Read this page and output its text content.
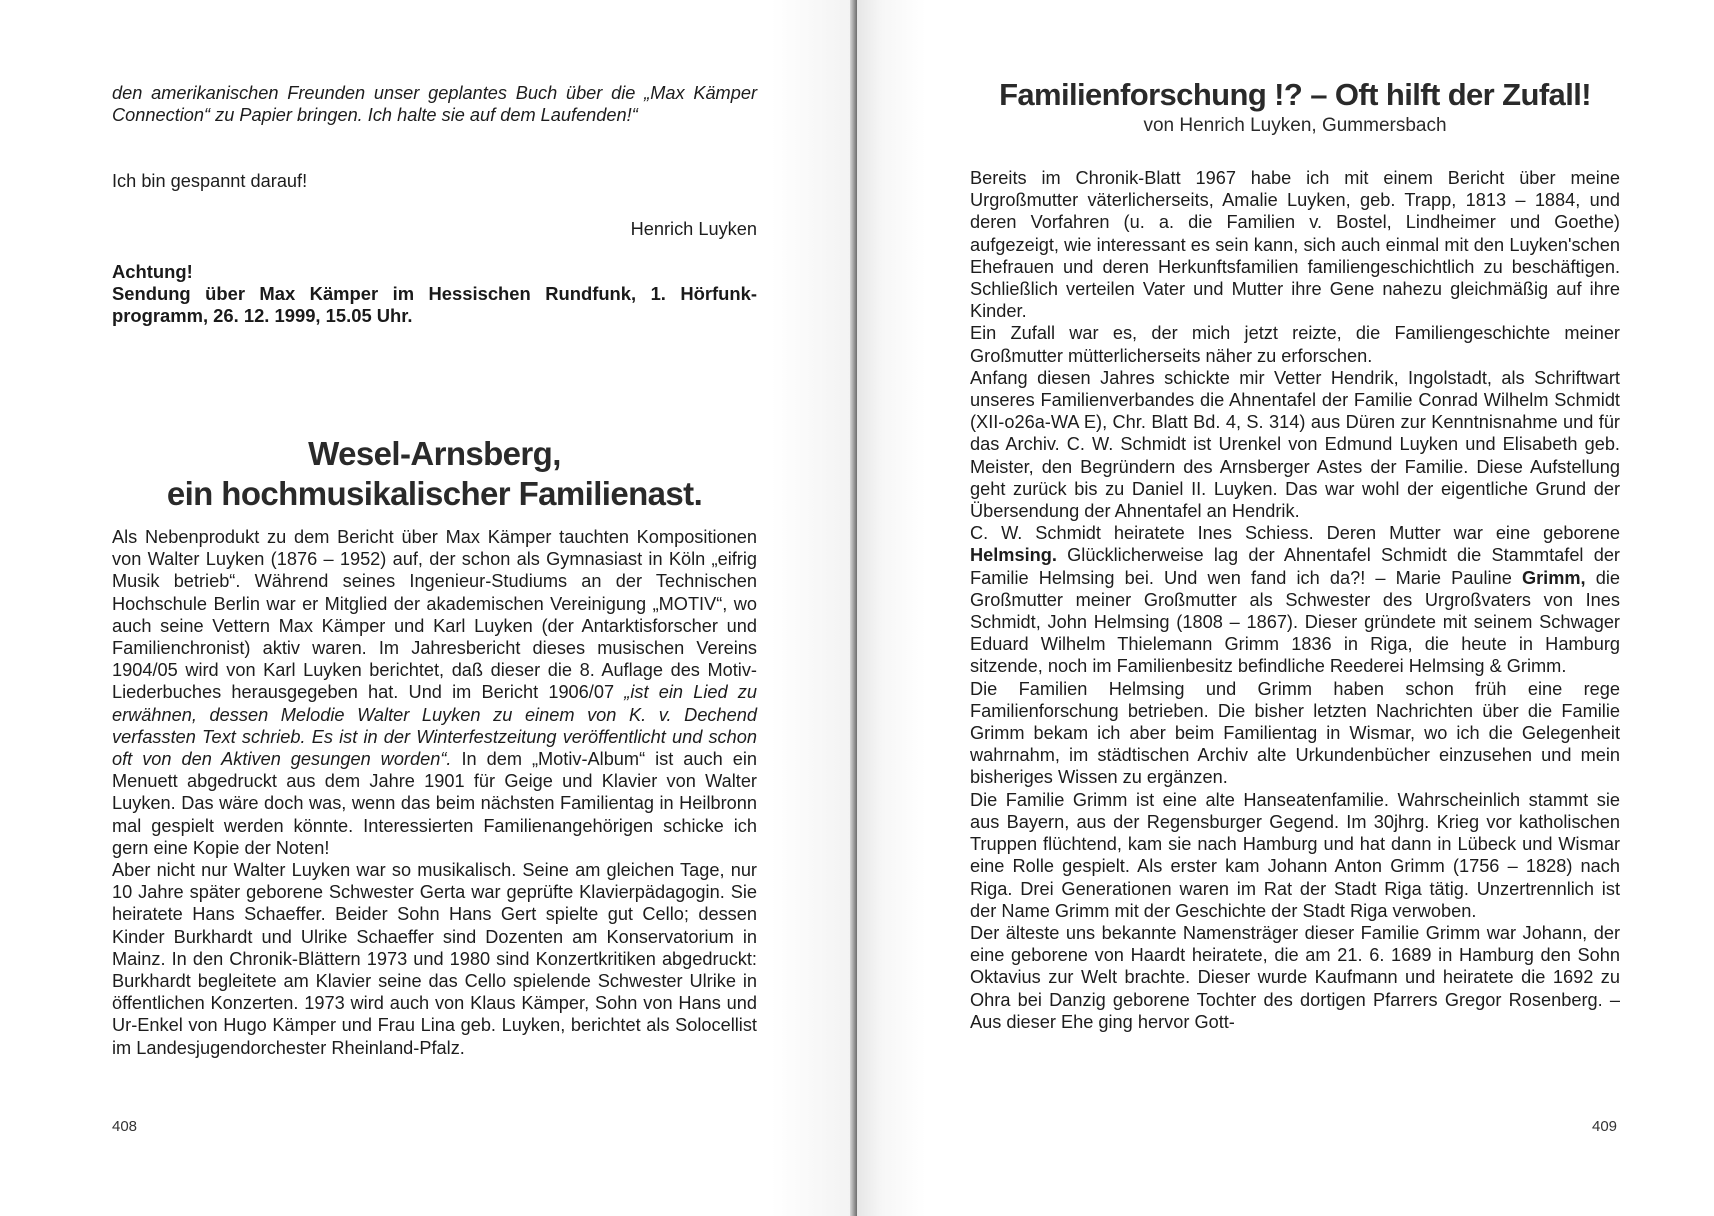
den amerikanischen Freunden unser geplantes Buch über die „Max Kämper Connection“ zu Papier bringen. Ich halte sie auf dem Laufenden!“

Ich bin gespannt darauf!

Henrich Luyken

Achtung!

Sendung über Max Kämper im Hessischen Rundfunk, 1. Hörfunk-programm, 26. 12. 1999, 15.05 Uhr.

Wesel-Arnsberg,
ein hochmusikalischer Familienast.

Als Nebenprodukt zu dem Bericht über Max Kämper tauchten Kompositionen von Walter Luyken (1876 – 1952) auf, der schon als Gymnasiast in Köln „eifrig Musik betrieb“. Während seines Ingenieur-Studiums an der Technischen Hochschule Berlin war er Mitglied der akademischen Vereinigung „MOTIV“, wo auch seine Vettern Max Kämper und Karl Luyken (der Antarktisforscher und Familienchronist) aktiv waren. Im Jahresbericht dieses musischen Vereins 1904/05 wird von Karl Luyken berichtet, daß dieser die 8. Auflage des Motiv-Liederbuches herausgegeben hat. Und im Bericht 1906/07 „ist ein Lied zu erwähnen, dessen Melodie Walter Luyken zu einem von K. v. Dechend verfassten Text schrieb. Es ist in der Winterfestzeitung veröffentlicht und schon oft von den Aktiven gesungen worden“. In dem „Motiv-Album“ ist auch ein Menuett abgedruckt aus dem Jahre 1901 für Geige und Klavier von Walter Luyken. Das wäre doch was, wenn das beim nächsten Familientag in Heilbronn mal gespielt werden könnte. Interessierten Familienangehörigen schicke ich gern eine Kopie der Noten!

Aber nicht nur Walter Luyken war so musikalisch. Seine am gleichen Tage, nur 10 Jahre später geborene Schwester Gerta war geprüfte Klavierpädagogin. Sie heiratete Hans Schaeffer. Beider Sohn Hans Gert spielte gut Cello; dessen Kinder Burkhardt und Ulrike Schaeffer sind Dozenten am Konservatorium in Mainz. In den Chronik-Blättern 1973 und 1980 sind Konzertkritiken abgedruckt: Burkhardt begleitete am Klavier seine das Cello spielende Schwester Ulrike in öffentlichen Konzerten. 1973 wird auch von Klaus Kämper, Sohn von Hans und Ur-Enkel von Hugo Kämper und Frau Lina geb. Luyken, berichtet als Solocellist im Landesjugendorchester Rheinland-Pfalz.

408
Familienforschung !? – Oft hilft der Zufall!

von Henrich Luyken, Gummersbach

Bereits im Chronik-Blatt 1967 habe ich mit einem Bericht über meine Urgroßmutter väterlicherseits, Amalie Luyken, geb. Trapp, 1813 – 1884, und deren Vorfahren (u. a. die Familien v. Bostel, Lindheimer und Goethe) aufgezeigt, wie interessant es sein kann, sich auch einmal mit den Luyken'schen Ehefrauen und deren Herkunftsfamilien familiengeschichtlich zu beschäftigen. Schließlich verteilen Vater und Mutter ihre Gene nahezu gleichmäßig auf ihre Kinder.

Ein Zufall war es, der mich jetzt reizte, die Familiengeschichte meiner Großmutter mütterlicherseits näher zu erforschen.

Anfang diesen Jahres schickte mir Vetter Hendrik, Ingolstadt, als Schriftwart unseres Familienverbandes die Ahnentafel der Familie Conrad Wilhelm Schmidt (XII-o26a-WA E), Chr. Blatt Bd. 4, S. 314) aus Düren zur Kenntnisnahme und für das Archiv. C. W. Schmidt ist Urenkel von Edmund Luyken und Elisabeth geb. Meister, den Begründern des Arnsberger Astes der Familie. Diese Aufstellung geht zurück bis zu Daniel II. Luyken. Das war wohl der eigentliche Grund der Übersendung der Ahnentafel an Hendrik.

C. W. Schmidt heiratete Ines Schiess. Deren Mutter war eine geborene Helmsing. Glücklicherweise lag der Ahnentafel Schmidt die Stammtafel der Familie Helmsing bei. Und wen fand ich da?! – Marie Pauline Grimm, die Großmutter meiner Großmutter als Schwester des Urgroßvaters von Ines Schmidt, John Helmsing (1808 – 1867). Dieser gründete mit seinem Schwager Eduard Wilhelm Thielemann Grimm 1836 in Riga, die heute in Hamburg sitzende, noch im Familienbesitz befindliche Reederei Helmsing & Grimm.

Die Familien Helmsing und Grimm haben schon früh eine rege Familienforschung betrieben. Die bisher letzten Nachrichten über die Familie Grimm bekam ich aber beim Familientag in Wismar, wo ich die Gelegenheit wahrnahm, im städtischen Archiv alte Urkundenbücher einzusehen und mein bisheriges Wissen zu ergänzen.

Die Familie Grimm ist eine alte Hanseatenfamilie. Wahrscheinlich stammt sie aus Bayern, aus der Regensburger Gegend. Im 30jhrg. Krieg vor katholischen Truppen flüchtend, kam sie nach Hamburg und hat dann in Lübeck und Wismar eine Rolle gespielt. Als erster kam Johann Anton Grimm (1756 – 1828) nach Riga. Drei Generationen waren im Rat der Stadt Riga tätig. Unzertrennlich ist der Name Grimm mit der Geschichte der Stadt Riga verwoben.

Der älteste uns bekannte Namensträger dieser Familie Grimm war Johann, der eine geborene von Haardt heiratete, die am 21. 6. 1689 in Hamburg den Sohn Oktavius zur Welt brachte. Dieser wurde Kaufmann und heiratete die 1692 zu Ohra bei Danzig geborene Tochter des dortigen Pfarrers Gregor Rosenberg. – Aus dieser Ehe ging hervor Gott-

409
